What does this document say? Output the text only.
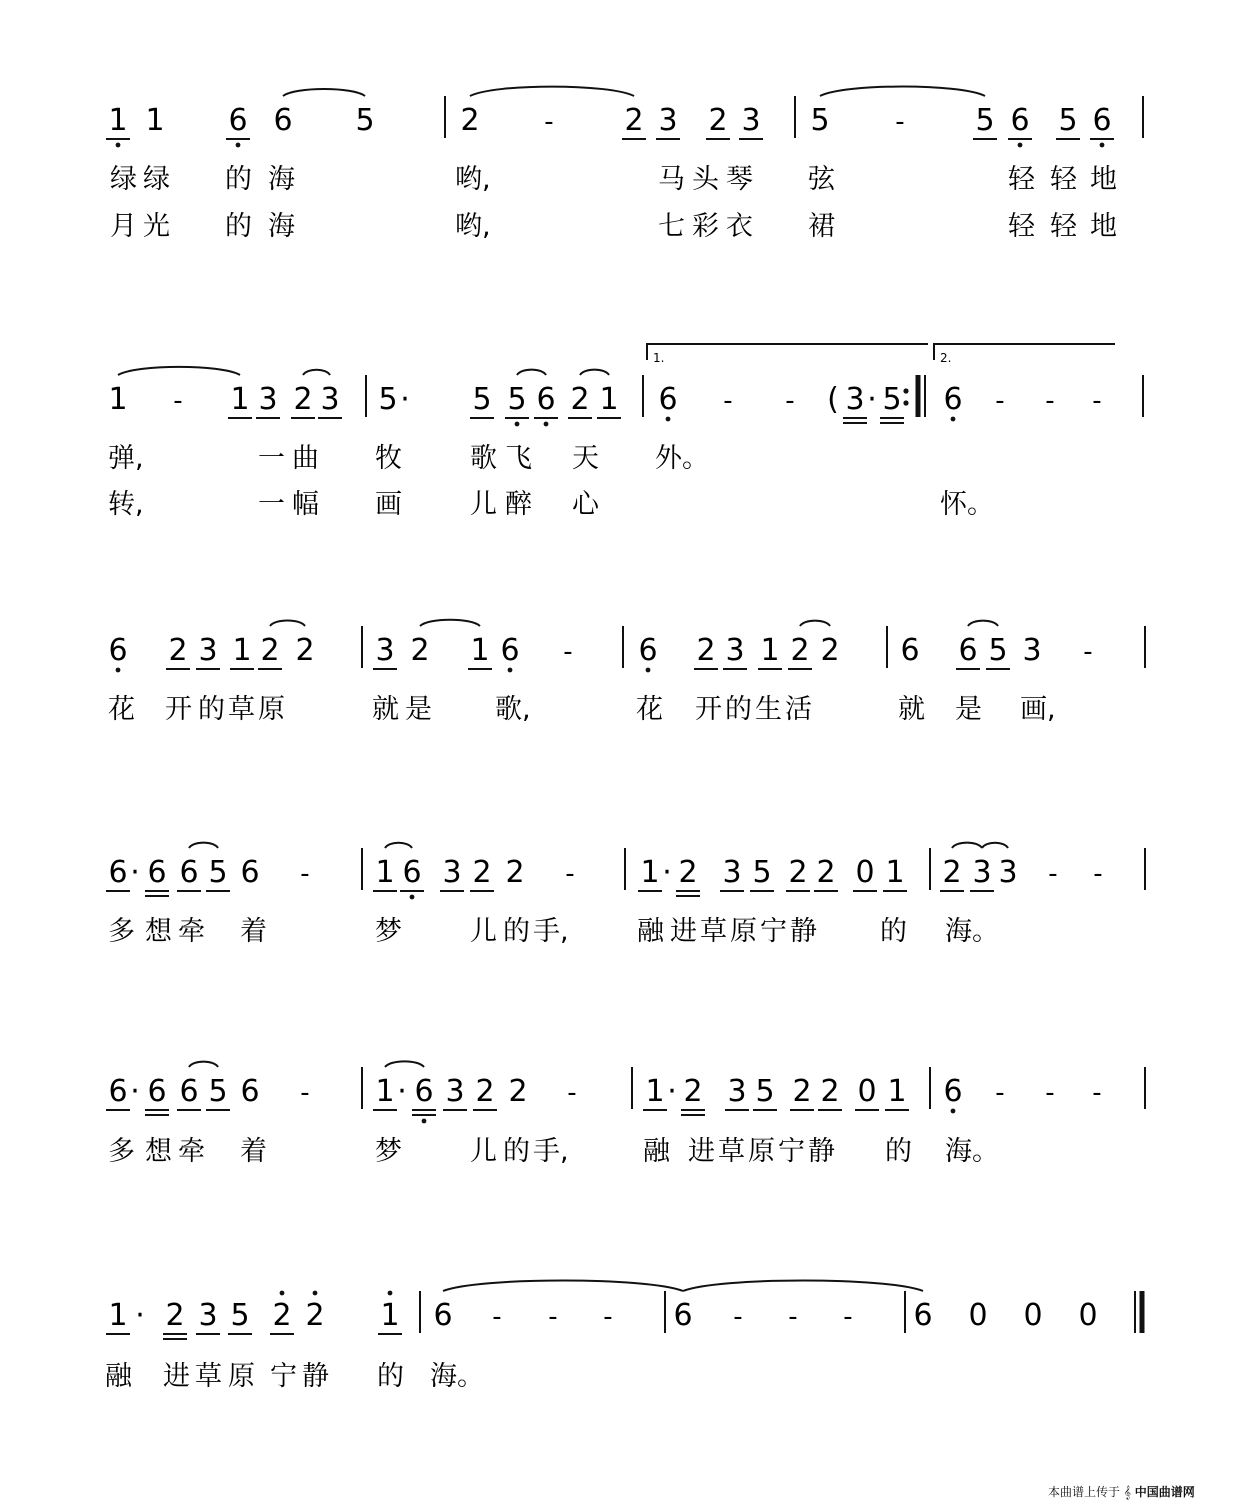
1 1 6 6 5	2 - 2 3 2 3 5	- 5 6 5 6
绿 绿 的 海	哟,	马 头 琴 弦	轻 轻 地
月 光 的 海	哟,	七 彩 衣 裙	轻 轻 地
1 - 1 3 2 3 5 · 5 5 6 2 1 6 - - ( 3 · 5 6 - - -
1.	2.
弹,	一 曲 牧	歌 飞 天 外。
转,	一 幅 画	儿 醉 心	怀。
6 2 3 1 2 2 3 2 1 6 - 6 2 3 1 2 2 6 6 5 3 -
花 开 的 草 原	就 是 歌,	花 开 的 生 活	就 是 画,
6 · 6 6 5 6 - 1 6 3 2 2 - 1 · 2 3 5 2 2 0 1 2 3 3 - -
多 想 牵 着	梦	儿 的 手,	融 进 草 原 宁 静 的 海。
6 · 6 6 5 6 - 1 · 6 3 2 2 - 1 · 2 3 5 2 2 0 1 6 - - -
多 想 牵 着	梦	儿 的 手,	融 进 草 原 宁 静 的 海。
1 · 2 3 5 2 2 1 6 - - - 6 - - - 6 0 0 0
融 进 草 原 宁 静 的 海。
本曲谱上传于 𝄞 中国曲谱网
